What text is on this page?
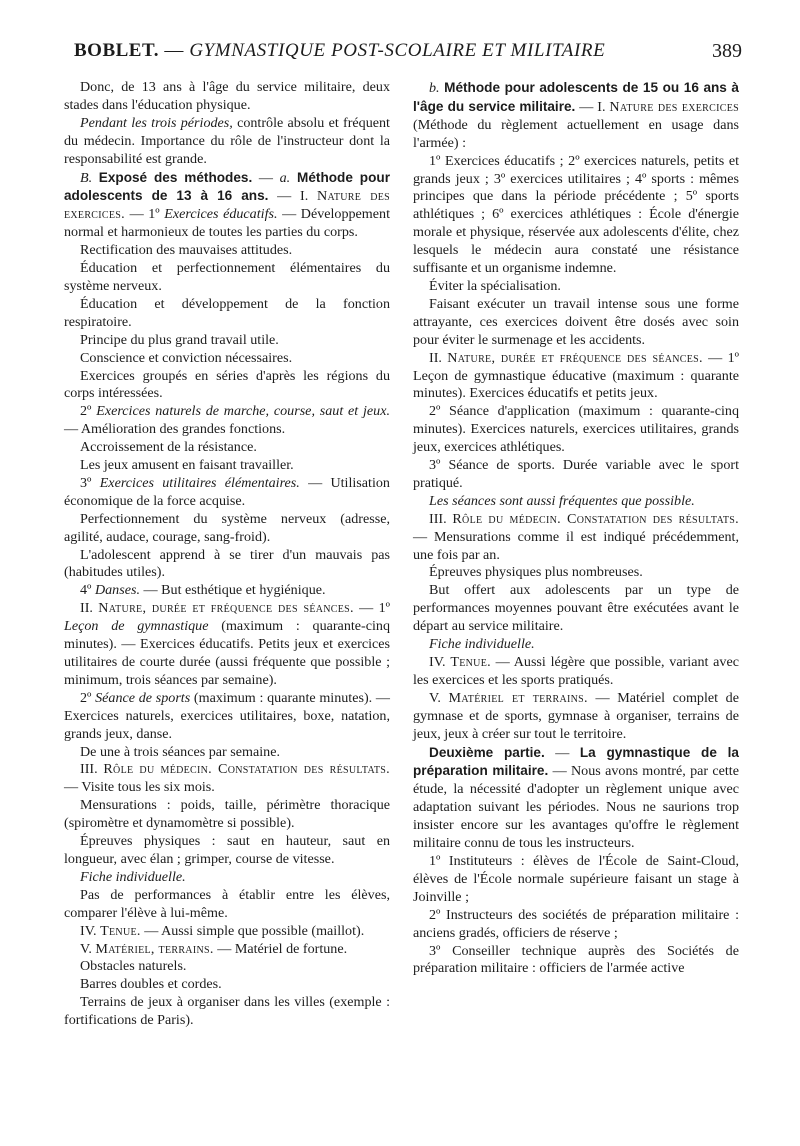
BOBLET. — GYMNASTIQUE POST-SCOLAIRE ET MILITAIRE	389

Donc, de 13 ans à l'âge du service militaire, deux stades dans l'éducation physique.

Pendant les trois périodes, contrôle absolu et fréquent du médecin. Importance du rôle de l'instructeur dont la responsabilité est grande.

B. Exposé des méthodes. — a. Méthode pour adolescents de 13 à 16 ans. — I. Nature des exercices. — 1º Exercices éducatifs. — Développement normal et harmonieux de toutes les parties du corps.

Rectification des mauvaises attitudes.

Éducation et perfectionnement élémentaires du système nerveux.

Éducation et développement de la fonction respiratoire.

Principe du plus grand travail utile.

Conscience et conviction nécessaires.

Exercices groupés en séries d'après les régions du corps intéressées.

2º Exercices naturels de marche, course, saut et jeux. — Amélioration des grandes fonctions.

Accroissement de la résistance.

Les jeux amusent en faisant travailler.

3º Exercices utilitaires élémentaires. — Utilisation économique de la force acquise.

Perfectionnement du système nerveux (adresse, agilité, audace, courage, sang-froid).

L'adolescent apprend à se tirer d'un mauvais pas (habitudes utiles).

4º Danses. — But esthétique et hygiénique.

II. Nature, durée et fréquence des séances. — 1º Leçon de gymnastique (maximum : quarante-cinq minutes). — Exercices éducatifs. Petits jeux et exercices utilitaires de courte durée (aussi fréquente que possible ; minimum, trois séances par semaine).

2º Séance de sports (maximum : quarante minutes). — Exercices naturels, exercices utilitaires, boxe, natation, grands jeux, danse.

De une à trois séances par semaine.

III. Rôle du médecin. Constatation des résultats. — Visite tous les six mois.

Mensurations : poids, taille, périmètre thoracique (spiromètre et dynamomètre si possible).

Épreuves physiques : saut en hauteur, saut en longueur, avec élan ; grimper, course de vitesse.

Fiche individuelle.

Pas de performances à établir entre les élèves, comparer l'élève à lui-même.

IV. Tenue. — Aussi simple que possible (maillot).

V. Matériel, terrains. — Matériel de fortune.

Obstacles naturels.

Barres doubles et cordes.

Terrains de jeux à organiser dans les villes (exemple : fortifications de Paris).

b. Méthode pour adolescents de 15 ou 16 ans à l'âge du service militaire. — I. Nature des exercices (Méthode du règlement actuellement en usage dans l'armée) :

1º Exercices éducatifs ; 2º exercices naturels, petits et grands jeux ; 3º exercices utilitaires ; 4º sports : mêmes principes que dans la période précédente ; 5º sports athlétiques ; 6º exercices athlétiques : École d'énergie morale et physique, réservée aux adolescents d'élite, chez lesquels le médecin aura constaté une résistance suffisante et un organisme indemne.

Éviter la spécialisation.

Faisant exécuter un travail intense sous une forme attrayante, ces exercices doivent être dosés avec soin pour éviter le surmenage et les accidents.

II. Nature, durée et fréquence des séances. — 1º Leçon de gymnastique éducative (maximum : quarante minutes). Exercices éducatifs et petits jeux.

2º Séance d'application (maximum : quarante-cinq minutes). Exercices naturels, exercices utilitaires, grands jeux, exercices athlétiques.

3º Séance de sports. Durée variable avec le sport pratiqué.

Les séances sont aussi fréquentes que possible.

III. Rôle du médecin. Constatation des résultats. — Mensurations comme il est indiqué précédemment, une fois par an.

Épreuves physiques plus nombreuses.

But offert aux adolescents par un type de performances moyennes pouvant être exécutées avant le départ au service militaire.

Fiche individuelle.

IV. Tenue. — Aussi légère que possible, variant avec les exercices et les sports pratiqués.

V. Matériel et terrains. — Matériel complet de gymnase et de sports, gymnase à organiser, terrains de jeux, jeux à créer sur tout le territoire.

Deuxième partie. — La gymnastique de la préparation militaire. — Nous avons montré, par cette étude, la nécessité d'adopter un règlement unique avec adaptation suivant les périodes. Nous ne saurions trop insister encore sur les avantages qu'offre le règlement militaire connu de tous les instructeurs.

1º Instituteurs : élèves de l'École de Saint-Cloud, élèves de l'École normale supérieure faisant un stage à Joinville ;

2º Instructeurs des sociétés de préparation militaire : anciens gradés, officiers de réserve ;

3º Conseiller technique auprès des Sociétés de préparation militaire : officiers de l'armée active
